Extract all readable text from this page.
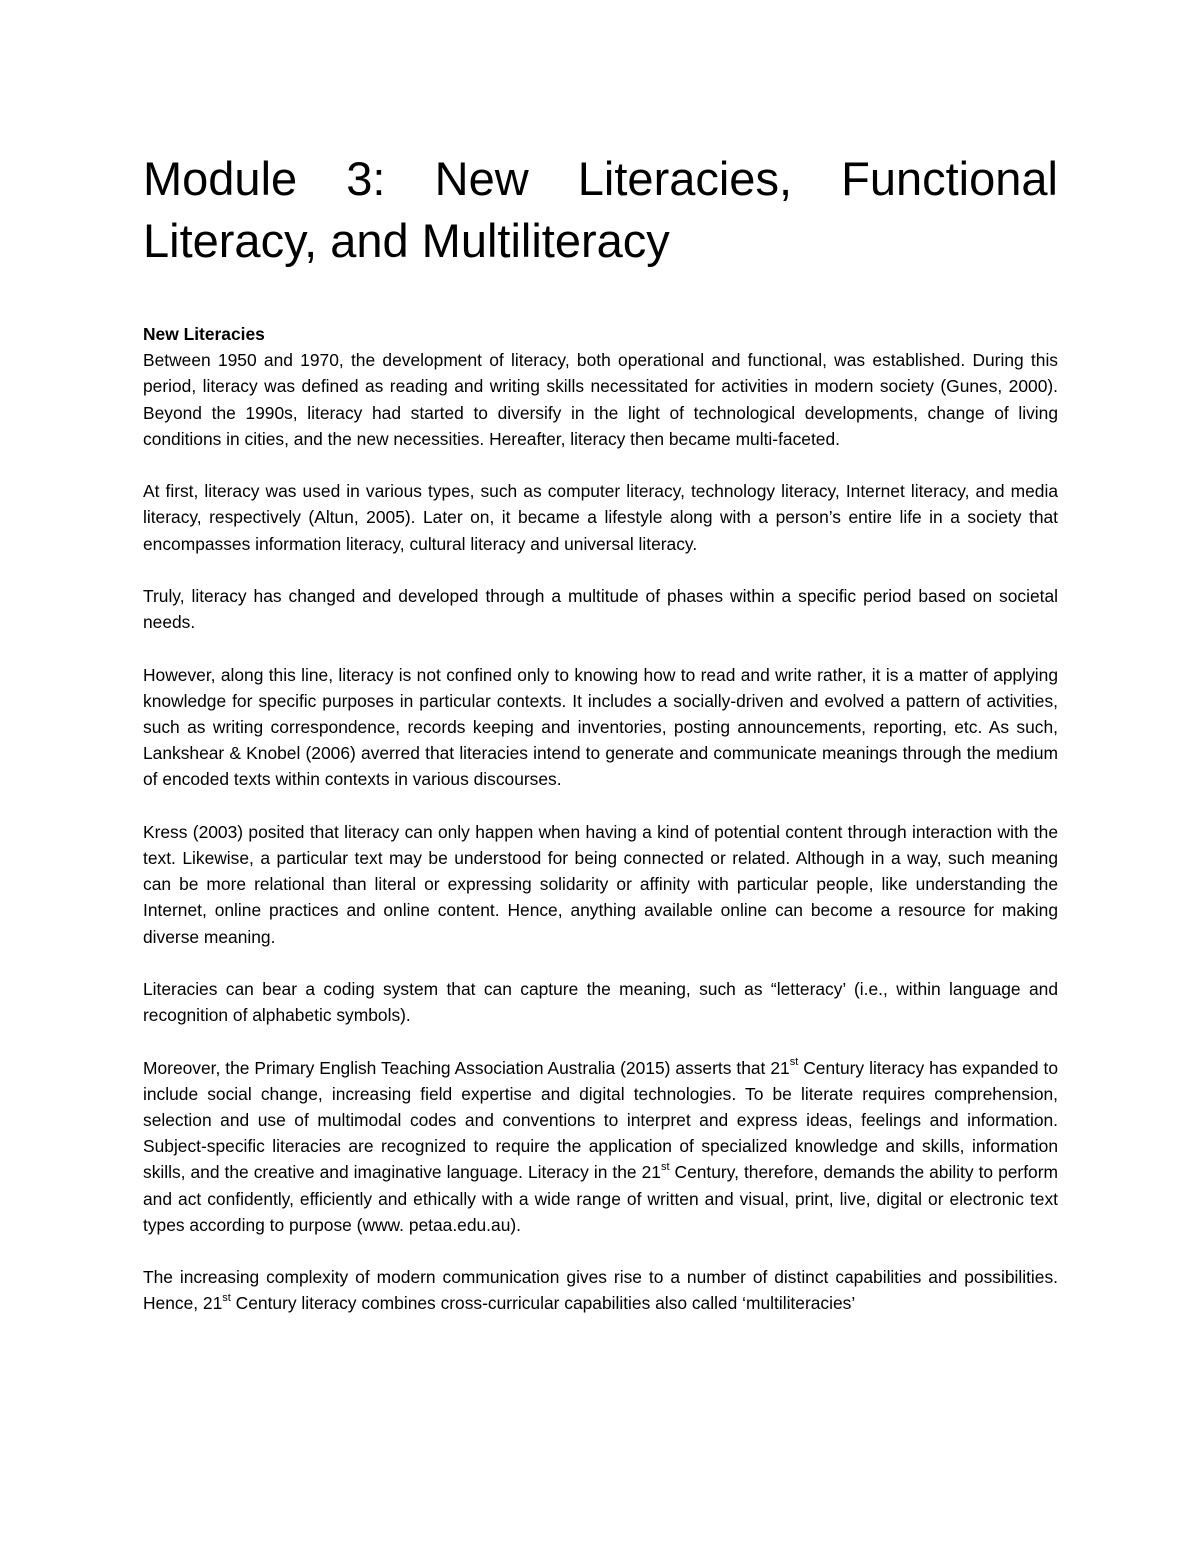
Module 3: New Literacies, Functional
Literacy, and Multiliteracy
New Literacies

Between 1950 and 1970, the development of literacy, both operational and functional, was established. During this period, literacy was defined as reading and writing skills necessitated for activities in modern society (Gunes, 2000). Beyond the 1990s, literacy had started to diversify in the light of technological developments, change of living conditions in cities, and the new necessities. Hereafter, literacy then became multi-faceted.

At first, literacy was used in various types, such as computer literacy, technology literacy, Internet literacy, and media literacy, respectively (Altun, 2005). Later on, it became a lifestyle along with a person’s entire life in a society that encompasses information literacy, cultural literacy and universal literacy.

Truly, literacy has changed and developed through a multitude of phases within a specific period based on societal needs.

However, along this line, literacy is not confined only to knowing how to read and write rather, it is a matter of applying knowledge for specific purposes in particular contexts. It includes a socially-driven and evolved a pattern of activities, such as writing correspondence, records keeping and inventories, posting announcements, reporting, etc. As such, Lankshear & Knobel (2006) averred that literacies intend to generate and communicate meanings through the medium of encoded texts within contexts in various discourses.

Kress (2003) posited that literacy can only happen when having a kind of potential content through interaction with the text. Likewise, a particular text may be understood for being connected or related. Although in a way, such meaning can be more relational than literal or expressing solidarity or affinity with particular people, like understanding the Internet, online practices and online content. Hence, anything available online can become a resource for making diverse meaning.

Literacies can bear a coding system that can capture the meaning, such as “letteracy’ (i.e., within language and recognition of alphabetic symbols).

Moreover, the Primary English Teaching Association Australia (2015) asserts that 21st Century literacy has expanded to include social change, increasing field expertise and digital technologies. To be literate requires comprehension, selection and use of multimodal codes and conventions to interpret and express ideas, feelings and information. Subject-specific literacies are recognized to require the application of specialized knowledge and skills, information skills, and the creative and imaginative language. Literacy in the 21st Century, therefore, demands the ability to perform and act confidently, efficiently and ethically with a wide range of written and visual, print, live, digital or electronic text types according to purpose (www. petaa.edu.au).

The increasing complexity of modern communication gives rise to a number of distinct capabilities and possibilities. Hence, 21st Century literacy combines cross-curricular capabilities also called ‘multiliteracies’
